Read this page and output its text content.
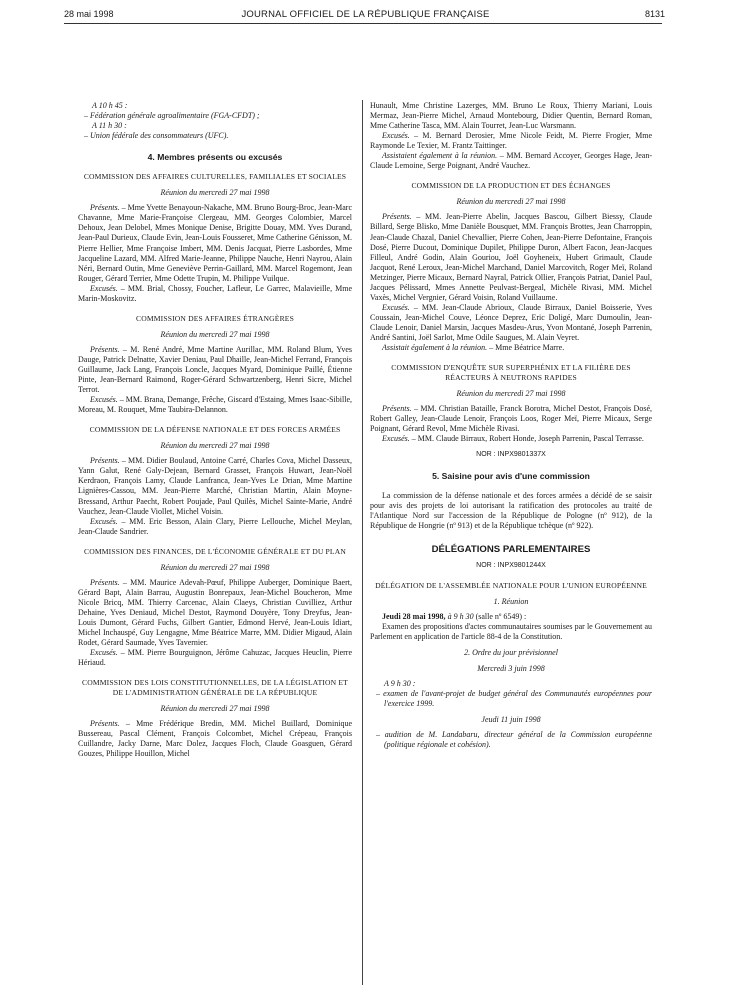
28 mai 1998	JOURNAL OFFICIEL DE LA RÉPUBLIQUE FRANÇAISE	8131

A 10 h 45 :

– Fédération générale agroalimentaire (FGA-CFDT) ;

A 11 h 30 :

– Union fédérale des consommateurs (UFC).

4. Membres présents ou excusés

COMMISSION DES AFFAIRES CULTURELLES, FAMILIALES ET SOCIALES

Réunion du mercredi 27 mai 1998

Présents. – Mme Yvette Benayoun-Nakache, MM. Bruno Bourg-Broc, Jean-Marc Chavanne, Mme Marie-Françoise Clergeau, MM. Georges Colombier, Marcel Dehoux, Jean Delobel, Mmes Monique Denise, Brigitte Douay, MM. Yves Durand, Jean-Paul Durieux, Claude Evin, Jean-Louis Fousseret, Mme Catherine Génisson, M. Pierre Hellier, Mme Françoise Imbert, MM. Denis Jacquat, Pierre Lasbordes, Mme Jacqueline Lazard, MM. Alfred Marie-Jeanne, Philippe Nauche, Henri Nayrou, Alain Néri, Bernard Outin, Mme Geneviève Perrin-Gaillard, MM. Marcel Rogemont, Jean Rouger, Gérard Terrier, Mme Odette Trupin, M. Philippe Vuilque.

Excusés. – MM. Brial, Chossy, Foucher, Lafleur, Le Garrec, Malavieille, Mme Marin-Moskovitz.

COMMISSION DES AFFAIRES ÉTRANGÈRES

Réunion du mercredi 27 mai 1998

Présents. – M. René André, Mme Martine Aurillac, MM. Roland Blum, Yves Dauge, Patrick Delnatte, Xavier Deniau, Paul Dhaille, Jean-Michel Ferrand, François Guillaume, Jack Lang, François Loncle, Jacques Myard, Dominique Paillé, Étienne Pinte, Jean-Bernard Raimond, Roger-Gérard Schwartzenberg, Henri Sicre, Michel Terrot.

Excusés. – MM. Brana, Demange, Frêche, Giscard d'Estaing, Mmes Isaac-Sibille, Moreau, M. Rouquet, Mme Taubira-Delannon.

COMMISSION DE LA DÉFENSE NATIONALE ET DES FORCES ARMÉES

Réunion du mercredi 27 mai 1998

Présents. – MM. Didier Boulaud, Antoine Carré, Charles Cova, Michel Dasseux, Yann Galut, René Galy-Dejean, Bernard Grasset, François Huwart, Jean-Noël Kerdraon, François Lamy, Claude Lanfranca, Jean-Yves Le Drian, Mme Martine Lignières-Cassou, MM. Jean-Pierre Marché, Christian Martin, Alain Moyne-Bressand, Arthur Paecht, Robert Poujade, Paul Quilès, Michel Sainte-Marie, André Vauchez, Jean-Claude Viollet, Michel Voisin.

Excusés. – MM. Eric Besson, Alain Clary, Pierre Lellouche, Michel Meylan, Jean-Claude Sandrier.

COMMISSION DES FINANCES, DE L'ÉCONOMIE GÉNÉRALE ET DU PLAN

Réunion du mercredi 27 mai 1998

Présents. – MM. Maurice Adevah-Pœuf, Philippe Auberger, Dominique Baert, Gérard Bapt, Alain Barrau, Augustin Bonrepaux, Jean-Michel Boucheron, Mme Nicole Bricq, MM. Thierry Carcenac, Alain Claeys, Christian Cuvilliez, Arthur Dehaine, Yves Deniaud, Michel Destot, Raymond Douyère, Tony Dreyfus, Jean-Louis Dumont, Gérard Fuchs, Gilbert Gantier, Edmond Hervé, Jean-Louis Idiart, Michel Inchauspé, Guy Lengagne, Mme Béatrice Marre, MM. Didier Migaud, Alain Rodet, Gérard Saumade, Yves Tavernier.

Excusés. – MM. Pierre Bourguignon, Jérôme Cahuzac, Jacques Heuclin, Pierre Hériaud.

COMMISSION DES LOIS CONSTITUTIONNELLES, DE LA LÉGISLATION ET DE L'ADMINISTRATION GÉNÉRALE DE LA RÉPUBLIQUE

Réunion du mercredi 27 mai 1998

Présents. – Mme Frédérique Bredin, MM. Michel Buillard, Dominique Bussereau, Pascal Clément, François Colcombet, Michel Crépeau, François Cuillandre, Jacky Darne, Marc Dolez, Jacques Floch, Claude Goasguen, Gérard Gouzes, Philippe Houillon, Michel

Hunault, Mme Christine Lazerges, MM. Bruno Le Roux, Thierry Mariani, Louis Mermaz, Jean-Pierre Michel, Arnaud Montebourg, Didier Quentin, Bernard Roman, Mme Catherine Tasca, MM. Alain Tourret, Jean-Luc Warsmann.

Excusés. – M. Bernard Derosier, Mme Nicole Feidt, M. Pierre Frogier, Mme Raymonde Le Texier, M. Frantz Taittinger.

Assistaient également à la réunion. – MM. Bernard Accoyer, Georges Hage, Jean-Claude Lemoine, Serge Poignant, André Vauchez.

COMMISSION DE LA PRODUCTION ET DES ÉCHANGES

Réunion du mercredi 27 mai 1998

Présents. – MM. Jean-Pierre Abelin, Jacques Bascou, Gilbert Biessy, Claude Billard, Serge Blisko, Mme Danièle Bousquet, MM. François Brottes, Jean Charroppin, Jean-Claude Chazal, Daniel Chevallier, Pierre Cohen, Jean-Pierre Defontaine, François Dosé, Pierre Ducout, Dominique Dupilet, Philippe Duron, Albert Facon, Jean-Jacques Filleul, André Godin, Alain Gouriou, Joël Goyheneix, Hubert Grimault, Claude Jacquot, René Leroux, Jean-Michel Marchand, Daniel Marcovitch, Roger Meï, Roland Metzinger, Pierre Micaux, Bernard Nayral, Patrick Ollier, François Patriat, Daniel Paul, Jacques Pélissard, Mmes Annette Peulvast-Bergeal, Michèle Rivasi, MM. Michel Vaxès, Michel Vergnier, Gérard Voisin, Roland Vuillaume.

Excusés. – MM. Jean-Claude Abrioux, Claude Birraux, Daniel Boisserie, Yves Coussain, Jean-Michel Couve, Léonce Deprez, Eric Doligé, Marc Dumoulin, Jean-Claude Lenoir, Daniel Marsin, Jacques Masdeu-Arus, Yvon Montané, Joseph Parrenin, André Santini, Joël Sarlot, Mme Odile Saugues, M. Alain Veyret.

Assistait également à la réunion. – Mme Béatrice Marre.

COMMISSION D'ENQUÊTE SUR SUPERPHÉNIX ET LA FILIÈRE DES RÉACTEURS À NEUTRONS RAPIDES

Réunion du mercredi 27 mai 1998

Présents. – MM. Christian Bataille, Franck Borotra, Michel Destot, François Dosé, Robert Galley, Jean-Claude Lenoir, François Loos, Roger Meï, Pierre Micaux, Serge Poignant, Gérard Revol, Mme Michèle Rivasi.

Excusés. – MM. Claude Birraux, Robert Honde, Joseph Parrenin, Pascal Terrasse.

NOR : INPX9801337X

5. Saisine pour avis d'une commission

La commission de la défense nationale et des forces armées a décidé de se saisir pour avis des projets de loi autorisant la ratification des protocoles au traité de l'Atlantique Nord sur l'accession de la République de Pologne (nº 912), de la République de Hongrie (nº 913) et de la République tchèque (nº 922).

DÉLÉGATIONS PARLEMENTAIRES

NOR : INPX9801244X

DÉLÉGATION DE L'ASSEMBLÉE NATIONALE POUR L'UNION EUROPÉENNE

1. Réunion

Jeudi 28 mai 1998, à 9 h 30 (salle nº 6549) :

Examen des propositions d'actes communautaires soumises par le Gouvernement au Parlement en application de l'article 88-4 de la Constitution.

2. Ordre du jour prévisionnel

Mercredi 3 juin 1998

A 9 h 30 :

– examen de l'avant-projet de budget général des Communautés européennes pour l'exercice 1999.

Jeudi 11 juin 1998

– audition de M. Landabaru, directeur général de la Commission européenne (politique régionale et cohésion).
